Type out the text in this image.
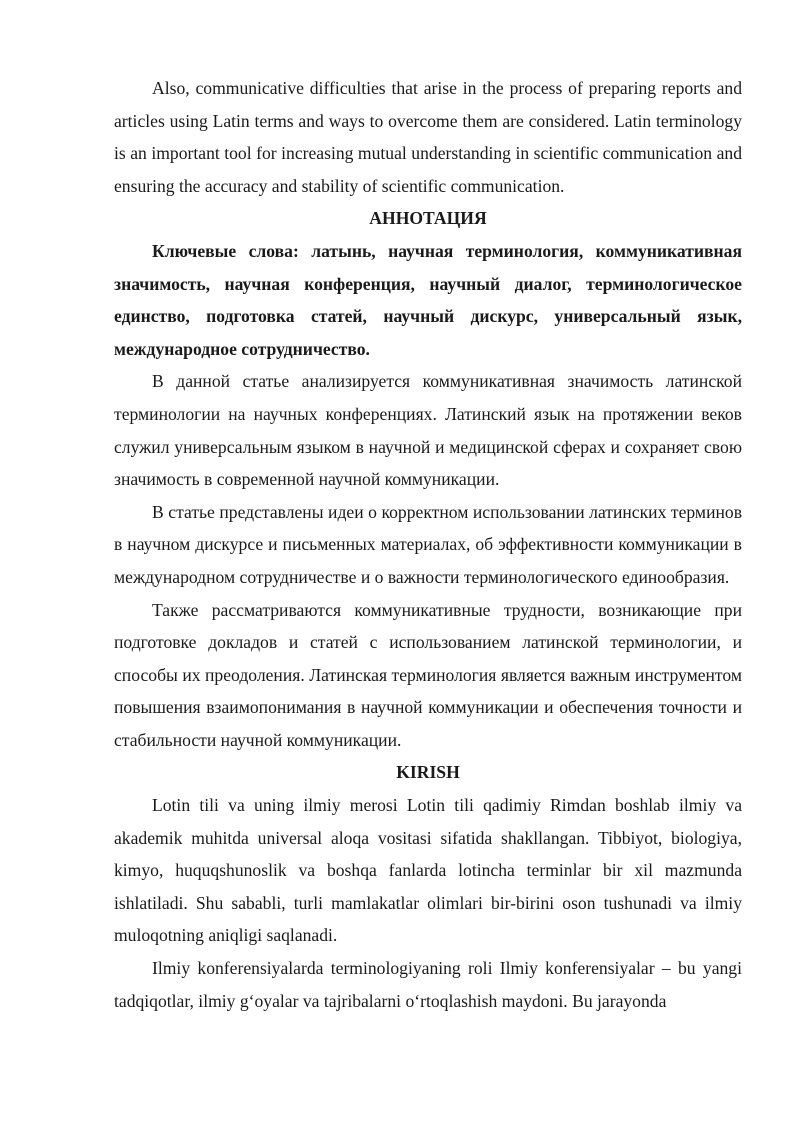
Also, communicative difficulties that arise in the process of preparing reports and articles using Latin terms and ways to overcome them are considered. Latin terminology is an important tool for increasing mutual understanding in scientific communication and ensuring the accuracy and stability of scientific communication.

АННОТАЦИЯ

Ключевые слова: латынь, научная терминология, коммуникативная значимость, научная конференция, научный диалог, терминологическое единство, подготовка статей, научный дискурс, универсальный язык, международное сотрудничество.

В данной статье анализируется коммуникативная значимость латинской терминологии на научных конференциях. Латинский язык на протяжении веков служил универсальным языком в научной и медицинской сферах и сохраняет свою значимость в современной научной коммуникации.

В статье представлены идеи о корректном использовании латинских терминов в научном дискурсе и письменных материалах, об эффективности коммуникации в международном сотрудничестве и о важности терминологического единообразия.

Также рассматриваются коммуникативные трудности, возникающие при подготовке докладов и статей с использованием латинской терминологии, и способы их преодоления. Латинская терминология является важным инструментом повышения взаимопонимания в научной коммуникации и обеспечения точности и стабильности научной коммуникации.

KIRISH

Lotin tili va uning ilmiy merosi Lotin tili qadimiy Rimdan boshlab ilmiy va akademik muhitda universal aloqa vositasi sifatida shakllangan. Tibbiyot, biologiya, kimyo, huquqshunoslik va boshqa fanlarda lotincha terminlar bir xil mazmunda ishlatiladi. Shu sababli, turli mamlakatlar olimlari bir-birini oson tushunadi va ilmiy muloqotning aniqligi saqlanadi.

Ilmiy konferensiyalarda terminologiyaning roli Ilmiy konferensiyalar – bu yangi tadqiqotlar, ilmiy g‘oyalar va tajribalarni o‘rtoqlashish maydoni. Bu jarayonda
